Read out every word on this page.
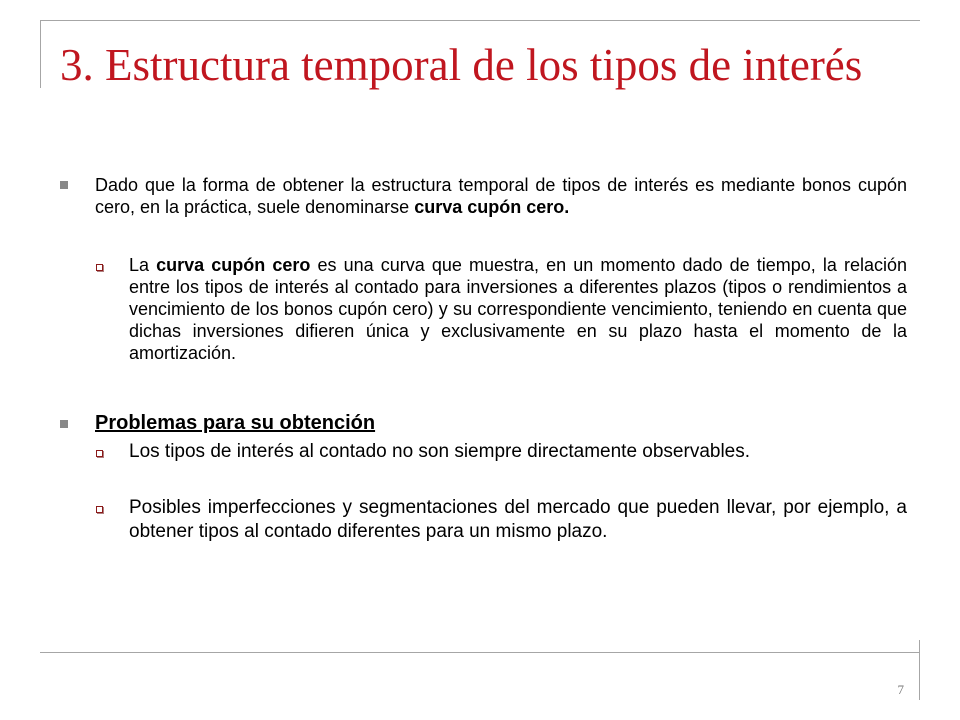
3. Estructura temporal de los tipos de interés
Dado que la forma de obtener la estructura temporal de tipos de interés es mediante bonos cupón cero, en la práctica, suele denominarse curva cupón cero.
La curva cupón cero es una curva que muestra, en un momento dado de tiempo, la relación entre los tipos de interés al contado para inversiones a diferentes plazos (tipos o rendimientos a vencimiento de los bonos cupón cero) y su correspondiente vencimiento, teniendo en cuenta que dichas inversiones difieren única y exclusivamente en su plazo hasta el momento de la amortización.
Problemas para su obtención
Los tipos de interés al contado no son siempre directamente observables.
Posibles imperfecciones y segmentaciones del mercado que pueden llevar, por ejemplo, a obtener tipos al contado diferentes para un mismo plazo.
7
